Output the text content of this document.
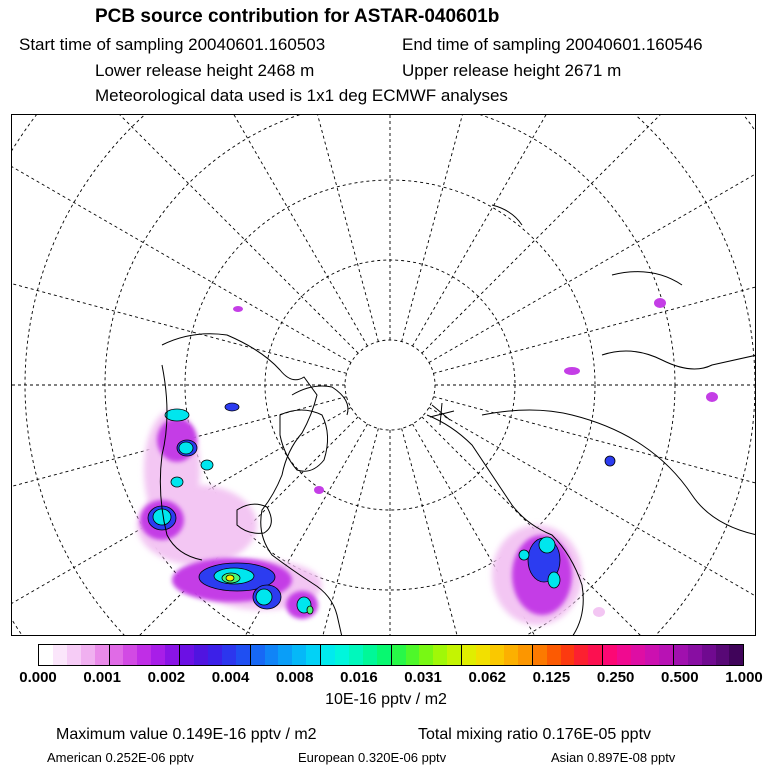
PCB source contribution for ASTAR-040601b
Start time of sampling 20040601.160503	End time of sampling 20040601.160546
Lower release height 2468 m	Upper release height 2671 m
Meteorological data used is 1x1 deg ECMWF analyses
0.000 0.001 0.002 0.004 0.008 0.016 0.031 0.062 0.125 0.250 0.500 1.000
10E-16 pptv / m2
Maximum value 0.149E-16 pptv / m2	Total mixing ratio 0.176E-05 pptv
American 0.252E-06 pptv	European 0.320E-06 pptv	Asian 0.897E-08 pptv
